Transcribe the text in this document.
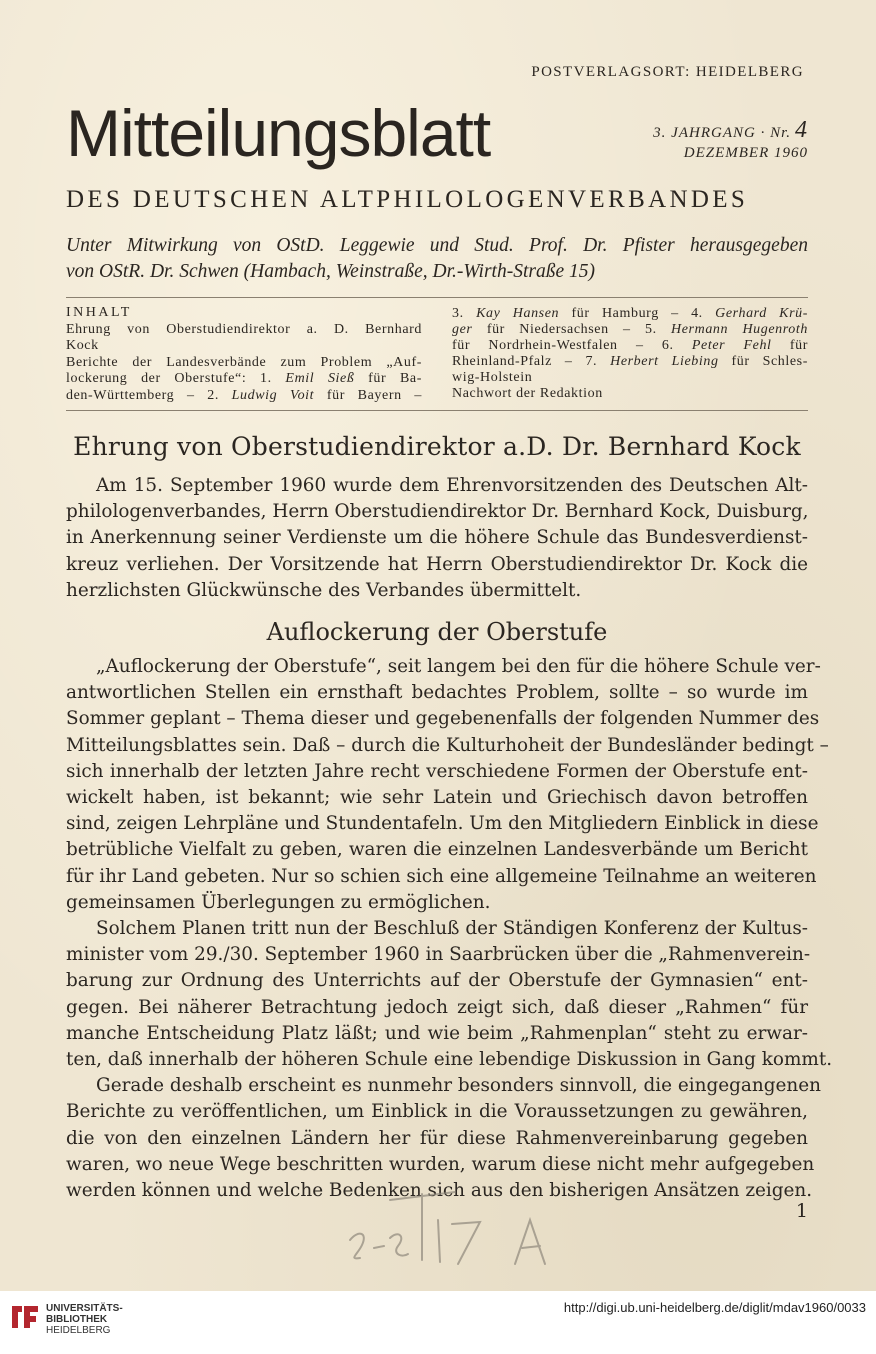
POSTVERLAGSORT: HEIDELBERG
Mitteilungsblatt	3. JAHRGANG · Nr. 4
DEZEMBER 1960
DES DEUTSCHEN ALTPHILOLOGENVERBANDES
Unter Mitwirkung von OStD. Leggewie und Stud. Prof. Dr. Pfister herausgegeben
von OStR. Dr. Schwen (Hambach, Weinstraße, Dr.-Wirth-Straße 15)
INHALT
Ehrung von Oberstudiendirektor a. D. Bernhard
Kock
Berichte der Landesverbände zum Problem „Auf-
lockerung der Oberstufe“: 1. Emil Sieß für Ba-
den-Württemberg – 2. Ludwig Voit für Bayern –
3. Kay Hansen für Hamburg – 4. Gerhard Krü-
ger für Niedersachsen – 5. Hermann Hugenroth
für Nordrhein-Westfalen – 6. Peter Fehl für
Rheinland-Pfalz – 7. Herbert Liebing für Schles-
wig-Holstein
Nachwort der Redaktion
Ehrung von Oberstudiendirektor a.D. Dr. Bernhard Kock
Am 15. September 1960 wurde dem Ehrenvorsitzenden des Deutschen Alt-
philologenverbandes, Herrn Oberstudiendirektor Dr. Bernhard Kock, Duisburg,
in Anerkennung seiner Verdienste um die höhere Schule das Bundesverdienst-
kreuz verliehen. Der Vorsitzende hat Herrn Oberstudiendirektor Dr. Kock die
herzlichsten Glückwünsche des Verbandes übermittelt.
Auflockerung der Oberstufe
„Auflockerung der Oberstufe“, seit langem bei den für die höhere Schule ver-
antwortlichen Stellen ein ernsthaft bedachtes Problem, sollte – so wurde im
Sommer geplant – Thema dieser und gegebenenfalls der folgenden Nummer des
Mitteilungsblattes sein. Daß – durch die Kulturhoheit der Bundesländer bedingt –
sich innerhalb der letzten Jahre recht verschiedene Formen der Oberstufe ent-
wickelt haben, ist bekannt; wie sehr Latein und Griechisch davon betroffen
sind, zeigen Lehrpläne und Stundentafeln. Um den Mitgliedern Einblick in diese
betrübliche Vielfalt zu geben, waren die einzelnen Landesverbände um Bericht
für ihr Land gebeten. Nur so schien sich eine allgemeine Teilnahme an weiteren
gemeinsamen Überlegungen zu ermöglichen.
Solchem Planen tritt nun der Beschluß der Ständigen Konferenz der Kultus-
minister vom 29./30. September 1960 in Saarbrücken über die „Rahmenverein-
barung zur Ordnung des Unterrichts auf der Oberstufe der Gymnasien“ ent-
gegen. Bei näherer Betrachtung jedoch zeigt sich, daß dieser „Rahmen“ für
manche Entscheidung Platz läßt; und wie beim „Rahmenplan“ steht zu erwar-
ten, daß innerhalb der höheren Schule eine lebendige Diskussion in Gang kommt.
Gerade deshalb erscheint es nunmehr besonders sinnvoll, die eingegangenen
Berichte zu veröffentlichen, um Einblick in die Voraussetzungen zu gewähren,
die von den einzelnen Ländern her für diese Rahmenvereinbarung gegeben
waren, wo neue Wege beschritten wurden, warum diese nicht mehr aufgegeben
werden können und welche Bedenken sich aus den bisherigen Ansätzen zeigen.
1
UNIVERSITÄTS-
BIBLIOTHEK
HEIDELBERG
http://digi.ub.uni-heidelberg.de/diglit/mdav1960/0033
